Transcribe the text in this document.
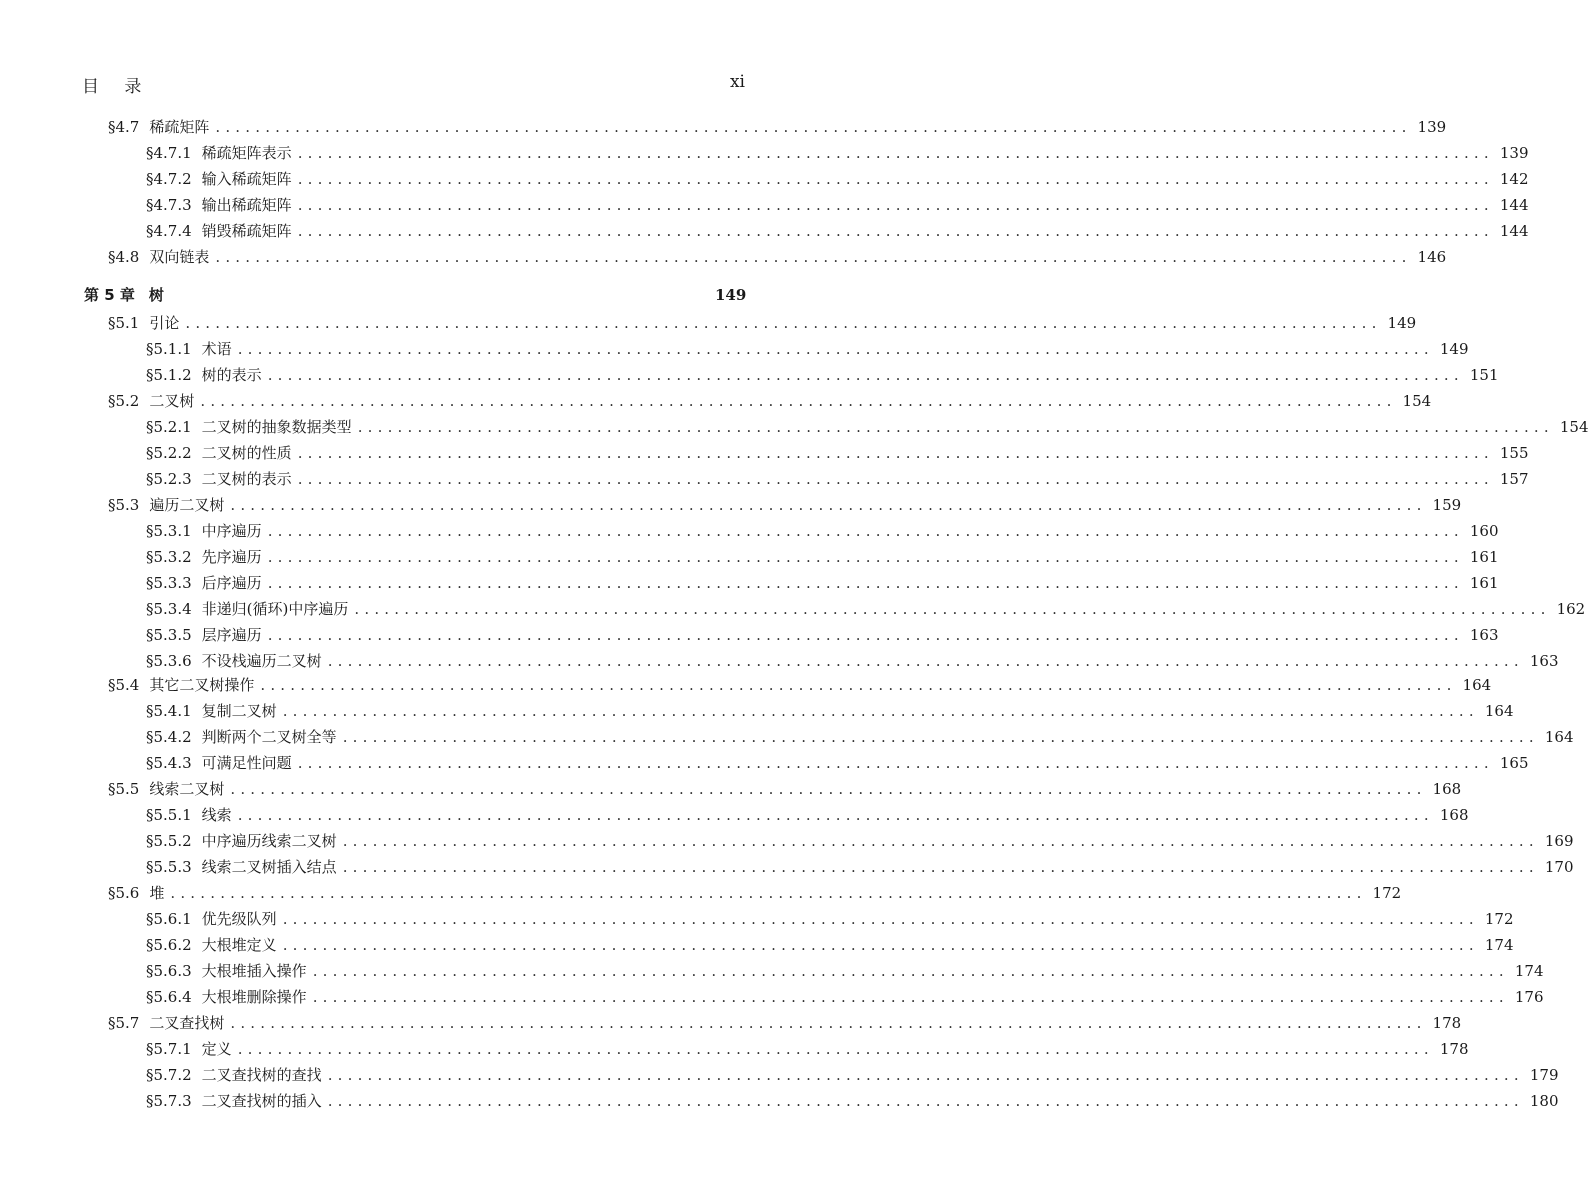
目 录	xi
§4.7 稀疏矩阵 ........................................................................................................................ 139
§4.7.1 稀疏矩阵表示 ........................................................................................................................ 139
§4.7.2 输入稀疏矩阵 ........................................................................................................................ 142
§4.7.3 输出稀疏矩阵 ........................................................................................................................ 144
§4.7.4 销毁稀疏矩阵 ........................................................................................................................ 144
§4.8 双向链表 ........................................................................................................................ 146
第 5 章 树	149
§5.1 引论 ........................................................................................................................ 149
§5.1.1 术语 ........................................................................................................................ 149
§5.1.2 树的表示 ........................................................................................................................ 151
§5.2 二叉树 ........................................................................................................................ 154
§5.2.1 二叉树的抽象数据类型 ........................................................................................................................ 154
§5.2.2 二叉树的性质 ........................................................................................................................ 155
§5.2.3 二叉树的表示 ........................................................................................................................ 157
§5.3 遍历二叉树 ........................................................................................................................ 159
§5.3.1 中序遍历 ........................................................................................................................ 160
§5.3.2 先序遍历 ........................................................................................................................ 161
§5.3.3 后序遍历 ........................................................................................................................ 161
§5.3.4 非递归(循环)中序遍历 ........................................................................................................................ 162
§5.3.5 层序遍历 ........................................................................................................................ 163
§5.3.6 不设栈遍历二叉树 ........................................................................................................................ 163
§5.4 其它二叉树操作 ........................................................................................................................ 164
§5.4.1 复制二叉树 ........................................................................................................................ 164
§5.4.2 判断两个二叉树全等 ........................................................................................................................ 164
§5.4.3 可满足性问题 ........................................................................................................................ 165
§5.5 线索二叉树 ........................................................................................................................ 168
§5.5.1 线索 ........................................................................................................................ 168
§5.5.2 中序遍历线索二叉树 ........................................................................................................................ 169
§5.5.3 线索二叉树插入结点 ........................................................................................................................ 170
§5.6 堆 ........................................................................................................................ 172
§5.6.1 优先级队列 ........................................................................................................................ 172
§5.6.2 大根堆定义 ........................................................................................................................ 174
§5.6.3 大根堆插入操作 ........................................................................................................................ 174
§5.6.4 大根堆删除操作 ........................................................................................................................ 176
§5.7 二叉查找树 ........................................................................................................................ 178
§5.7.1 定义 ........................................................................................................................ 178
§5.7.2 二叉查找树的查找 ........................................................................................................................ 179
§5.7.3 二叉查找树的插入 ........................................................................................................................ 180
